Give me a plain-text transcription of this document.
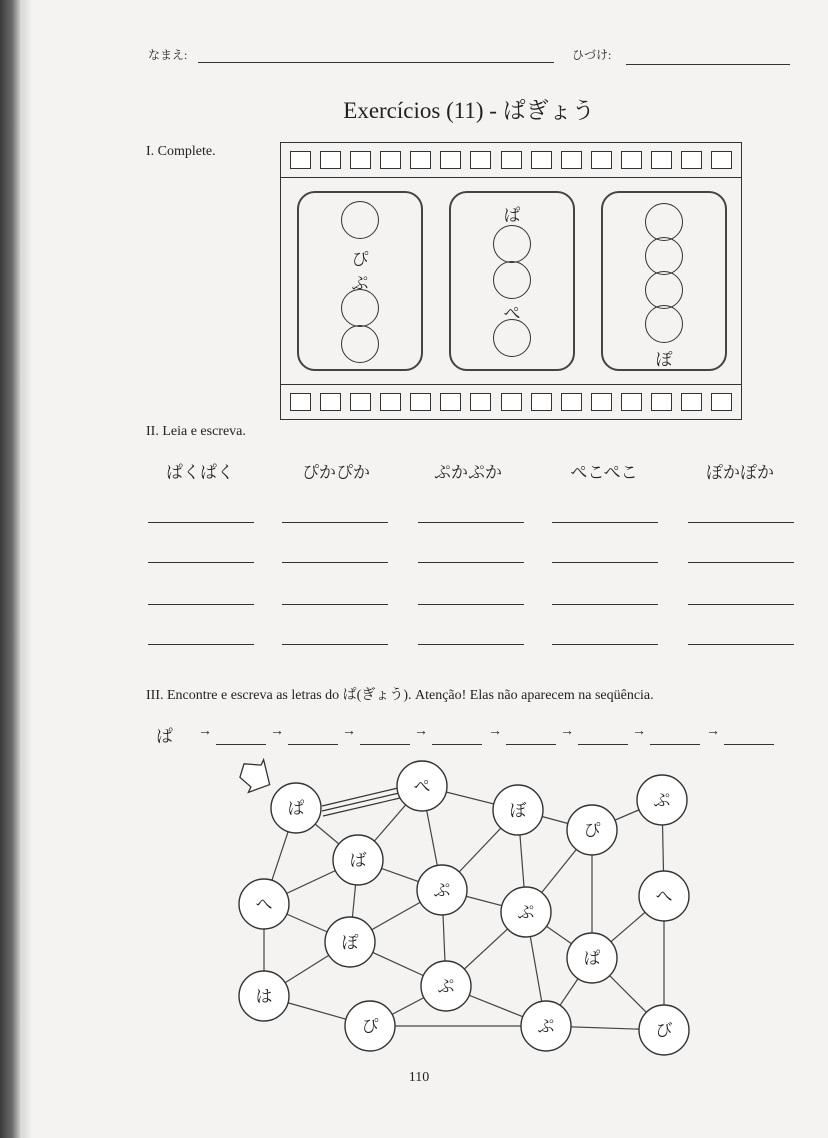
なまえ:	ひづけ:
Exercícios (11) - ぱぎょう
I. Complete.
ぴ
ぷ
ぱ
ぺ
ぽ
II. Leia e escreva.
ぱくぱく	ぴかぴか	ぷかぷか	ぺこぺこ	ぽかぽか
III. Encontre e escreva as letras do ぱ(ぎょう). Atenção! Elas não aparecem na seqüência.
ぱ →	→	→	→	→	→	→	→
ぱ
ぺ
ぼ
ぴ
ぷ
ば
ぷ
へ	ぷ
へ
ぽ
ぱ
は	ぷ
ぴ	ぷ	び
110
